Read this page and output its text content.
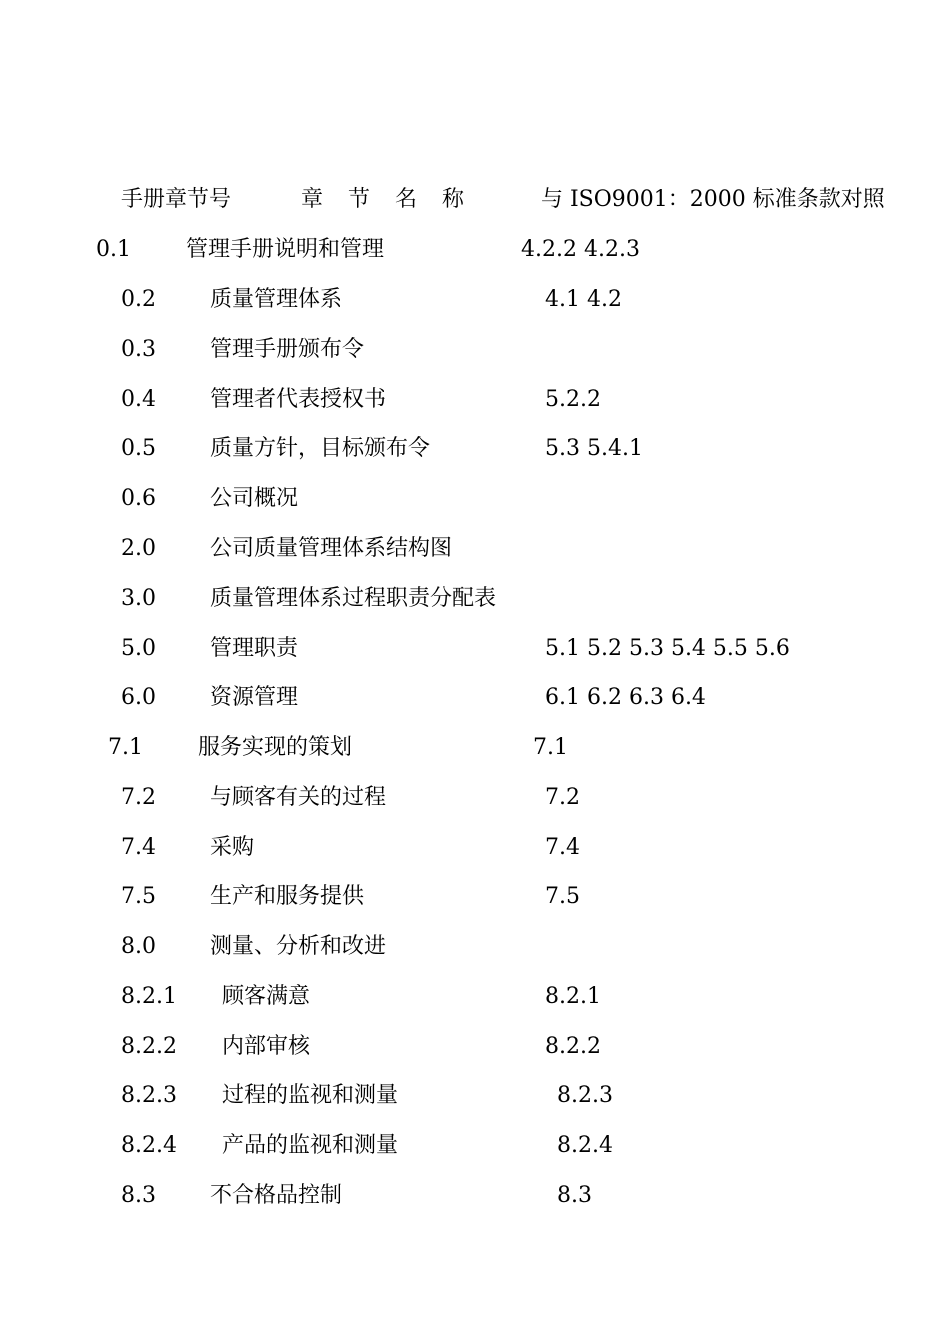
手册章节号	章 节 名 称	与 ISO9001：2000 标准条款对照
0.1	管理手册说明和管理	4.2.2 4.2.3
0.2 质量管理体系	4.1 4.2
0.3 管理手册颁布令
0.4 管理者代表授权书	5.2.2
0.5 质量方针，目标颁布令	5.3 5.4.1
0.6 公司概况
2.0 公司质量管理体系结构图
3.0 质量管理体系过程职责分配表
5.0 管理职责	5.1 5.2 5.3 5.4 5.5 5.6
6.0 资源管理	6.1 6.2 6.3 6.4
7.1	服务实现的策划	7.1
7.2 与顾客有关的过程	7.2
7.4 采购	7.4
7.5 生产和服务提供	7.5
8.0 测量、分析和改进
8.2.1 顾客满意	8.2.1
8.2.2 内部审核	8.2.2
8.2.3 过程的监视和测量	8.2.3
8.2.4 产品的监视和测量	8.2.4
8.3 不合格品控制	8.3
